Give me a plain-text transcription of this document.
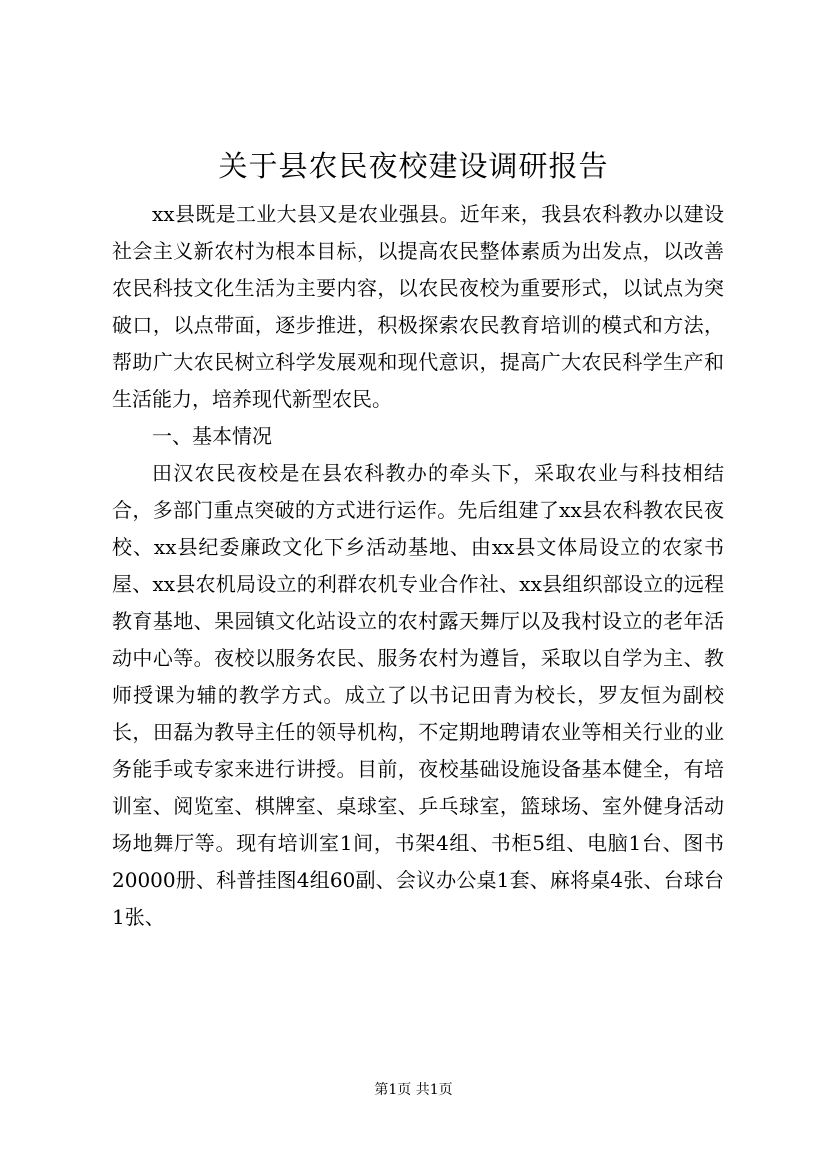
关于县农民夜校建设调研报告

xx县既是工业大县又是农业强县。近年来，我县农科教办以建设社会主义新农村为根本目标，以提高农民整体素质为出发点，以改善农民科技文化生活为主要内容，以农民夜校为重要形式，以试点为突破口，以点带面，逐步推进，积极探索农民教育培训的模式和方法，帮助广大农民树立科学发展观和现代意识，提高广大农民科学生产和生活能力，培养现代新型农民。

一、基本情况

田汉农民夜校是在县农科教办的牵头下，采取农业与科技相结合，多部门重点突破的方式进行运作。先后组建了xx县农科教农民夜校、xx县纪委廉政文化下乡活动基地、由xx县文体局设立的农家书屋、xx县农机局设立的利群农机专业合作社、xx县组织部设立的远程教育基地、果园镇文化站设立的农村露天舞厅以及我村设立的老年活动中心等。夜校以服务农民、服务农村为遵旨，采取以自学为主、教师授课为辅的教学方式。成立了以书记田青为校长，罗友恒为副校长，田磊为教导主任的领导机构，不定期地聘请农业等相关行业的业务能手或专家来进行讲授。目前，夜校基础设施设备基本健全，有培训室、阅览室、棋牌室、桌球室、乒乓球室，篮球场、室外健身活动场地舞厅等。现有培训室1间，书架4组、书柜5组、电脑1台、图书20000册、科普挂图4组60副、会议办公桌1套、麻将桌4张、台球台1张、

第1页 共1页
